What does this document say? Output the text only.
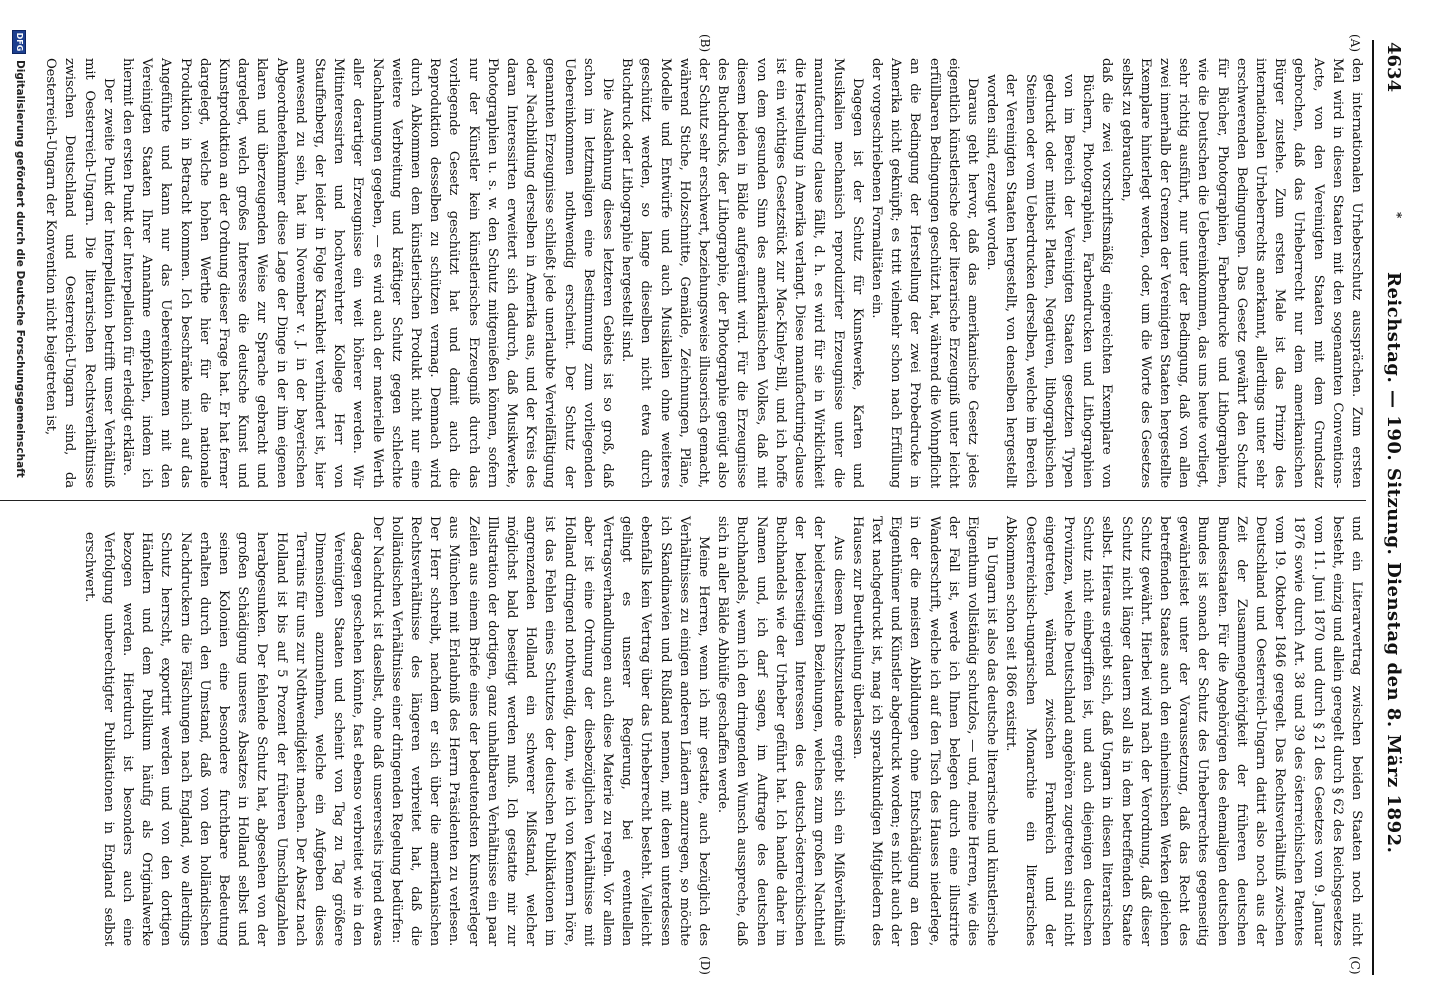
4634
*
Reichstag. — 190. Sitzung. Dienstag den 8. März 1892.
(A)
(B)
(C)
(D)

den internationalen Urheberschutz aussprächen. Zum ersten Mal wird in diesen Staaten mit den sogenannten Conventions-Acte, von den Vereinigten Staaten mit dem Grundsatz gebrochen, daß das Urheberrecht nur dem amerikanischen Bürger zustehe. Zum ersten Male ist das Prinzip des internationalen Urheberrechts anerkannt, allerdings unter sehr erschwerenden Bedingungen. Das Gesetz gewährt den Schutz für Bücher, Photographien, Farbendrucke und Lithographien, wie die Deutschen die Uebereinkommen, das uns heute vorliegt, sehr richtig ausführt, nur unter der Bedingung, daß von allen zwei innerhalb der Grenzen der Vereinigten Staaten hergestellte Exemplare hinterlegt werden, oder, um die Worte des Gesetzes selbst zu gebrauchen,

daß die zwei vorschriftsmäßig eingereichten Exemplare von Büchern, Photographien, Farbendrucken und Lithographien von im Bereich der Vereinigten Staaten gesetzten Typen gedruckt oder mittelst Platten, Negativen, lithographischen Steinen oder vom Ueberdrucken derselben, welche im Bereich der Vereinigten Staaten hergestellt, von denselben hergestellt worden sind, erzeugt worden.

Daraus geht hervor, daß das amerikanische Gesetz jedes eigentlich künstlerische oder literarische Erzeugniß unter leicht erfüllbaren Bedingungen geschützt hat, während die Wohnpflicht an die Bedingung der Herstellung der zwei Probedrucke in Amerika nicht geknüpft; es tritt vielmehr schon nach Erfüllung der vorgeschriebenen Formalitäten ein.

Dagegen ist der Schutz für Kunstwerke, Karten und Musikalien mechanisch reproduzirter Erzeugnisse unter die manufacturing clause fällt, d. h. es wird für sie in Wirklichkeit die Herstellung in Amerika verlangt. Diese manufacturing-clause ist ein wichtiges Gesetzstück zur Mac-Kinley-Bill, und ich hoffe von dem gesunden Sinn des amerikanischen Volkes, daß mit diesem beiden in Bälde aufgeräumt wird. Für die Erzeugnisse des Buchdrucks, der Lithographie, der Photographie genügt also der Schutz sehr erschwert, beziehungsweise illusorisch gemacht, während Stiche, Holzschnitte, Gemälde, Zeichnungen, Pläne, Modelle und Entwürfe und auch Musikalien ohne weiteres geschützt werden, so lange dieselben nicht etwa durch Buchdruck oder Lithographie hergestellt sind.

Die Ausdehnung dieses letzteren Gebiets ist so groß, daß schon im letztmaligen eine Bestimmung zum vorliegenden Uebereinkommen nothwendig erscheint. Der Schutz der genannten Erzeugnisse schließt jede unerlaubte Vervielfältigung oder Nachbildung derselben in Amerika aus, und der Kreis des daran Interessirten erweitert sich dadurch, daß Musikwerke, Photographien u. s. w. den Schutz mitgenießen können, sofern nur der Künstler kein künstlerisches Erzeugniß durch das vorliegende Gesetz geschützt hat und damit auch die Reproduktion desselben zu schützen vermag. Demnach wird durch Abkommen dem künstlerischen Produkt nicht nur eine weitere Verbreitung und kräftiger Schutz gegen schlechte Nachahmungen gegeben, — es wird auch der materielle Werth aller derartiger Erzeugnisse ein weit höherer werden. Wir Mitinteressirten und hochverehrter Kollege Herr von Stauffenberg, der leider in Folge Krankheit verhindert ist, hier anwesend zu sein, hat im November v. J. in der bayerischen Abgeordnetenkammer diese Lage der Dinge in der ihm eigenen klaren und überzeugenden Weise zur Sprache gebracht und dargelegt, welch großes Interesse die deutsche Kunst und Kunstproduktion an der Ordnung dieser Frage hat. Er hat ferner dargelegt, welche hohen Werthe hier für die nationale Produktion in Betracht kommen. Ich beschränke mich auf das Angeführte und kann nur das Uebereinkommen mit den Vereinigten Staaten Ihrer Annahme empfehlen, indem ich hiermit den ersten Punkt der Interpellation für erledigt erkläre.

Der zweite Punkt der Interpellation betrifft unser Verhältniß mit Oesterreich-Ungarn. Die literarischen Rechtsverhältnisse zwischen Deutschland und Oesterreich-Ungarn sind, da Oesterreich-Ungarn der Konvention nicht beigetreten ist,

und ein Literarvertrag zwischen beiden Staaten noch nicht besteht, einzig und allein geregelt durch § 62 des Reichsgesetzes vom 11. Juni 1870 und durch § 21 des Gesetzes vom 9. Januar 1876 sowie durch Art. 38 und 39 des österreichischen Patentes vom 19. Oktober 1846 geregelt. Das Rechtsverhältniß zwischen Deutschland und Oesterreich-Ungarn datirt also noch aus der Zeit der Zusammengehörigkeit der früheren deutschen Bundesstaaten. Für die Angehörigen des ehemaligen deutschen Bundes ist sonach der Schutz des Urheberrechtes gegenseitig gewährleistet unter der Voraussetzung, daß das Recht des betreffenden Staates auch den einheimischen Werken gleichen Schutz gewährt. Hierbei wird nach der Verordnung, daß dieser Schutz nicht länger dauern soll als in dem betreffenden Staate selbst. Hieraus ergiebt sich, daß Ungarn in diesen literarischen Schutz nicht einbegriffen ist, und auch diejenigen deutschen Provinzen, welche Deutschland angehören zugetreten sind nicht eingetreten, während zwischen Frankreich und der Oesterreichisch-ungarischen Monarchie ein literarisches Abkommen schon seit 1866 existirt.

In Ungarn ist also das deutsche literarische und künstlerische Eigenthum vollständig schutzlos, — und, meine Herren, wie dies der Fall ist, werde ich Ihnen belegen durch eine illustrirte Wanderschrift, welche ich auf den Tisch des Hauses niederlege, in der die meisten Abbildungen ohne Entschädigung an den Eigenthümer und Künstler abgedruckt worden; es nicht auch der Text nachgedruckt ist, mag ich sprachkundigen Mitgliedern des Hauses zur Beurtheilung überlassen.

Aus diesem Rechtszustande ergiebt sich ein Mißverhältniß der beiderseitigen Beziehungen, welches zum großen Nachtheil der beiderseitigen Interessen des deutsch-österreichischen Buchhandels wie der Urheber geführt hat. Ich handle daher im Namen und, ich darf sagen, im Auftrage des deutschen Buchhandels, wenn ich den dringenden Wunsch ausspreche, daß sich in aller Bälde Abhülfe geschaffen werde.

Meine Herren, wenn ich mir gestatte, auch bezüglich des Verhältnisses zu einigen anderen Ländern anzuregen, so möchte ich Skandinavien und Rußland nennen, mit denen unterdessen ebenfalls kein Vertrag über das Urheberrecht besteht. Vielleicht gelingt es unserer Regierung, bei eventuellen Vertragsverhandlungen auch diese Materie zu regeln. Vor allem aber ist eine Ordnung der diesbezüglichen Verhältnisse mit Holland dringend nothwendig, denn, wie ich von Kennern höre, ist das Fehlen eines Schutzes der deutschen Publikationen im angrenzenden Holland ein schwerer Mißstand, welcher möglichst bald beseitigt werden muß. Ich gestatte mir zur Illustration der dortigen, ganz unhaltbaren Verhältnisse ein paar Zeilen aus einem Briefe eines der bedeutendsten Kunstverleger aus München mit Erlaubniß des Herrn Präsidenten zu verlesen. Der Herr schreibt, nachdem er sich über die amerikanischen Rechtsverhältnisse des längeren verbreitet hat, daß die holländischen Verhältnisse einer dringenden Regelung bedürfen:

Der Nachdruck ist daselbst, ohne daß unsererseits irgend etwas dagegen geschehen könnte, fast ebenso verbreitet wie in den Vereinigten Staaten und scheint von Tag zu Tag größere Dimensionen anzunehmen, welche ein Aufgeben dieses Terrains für uns zur Nothwendigkeit machen. Der Absatz nach Holland ist bis auf 5 Prozent der früheren Umschlagzahlen herabgesunken. Der fehlende Schutz hat, abgesehen von der großen Schädigung unseres Absatzes in Holland selbst und seinen Kolonien eine besondere furchtbare Bedeutung erhalten durch den Umstand, daß von den holländischen Nachdruckern die Fälschungen nach England, wo allerdings Schutz herrscht, exportirt werden und von den dortigen Händlern und dem Publikum häufig als Originalwerke bezogen werden. Hierdurch ist besonders auch eine Verfolgung unberechtigter Publikationen in England selbst erschwert.

DFG
Digitalisierung gefördert durch die Deutsche Forschungsgemeinschaft
